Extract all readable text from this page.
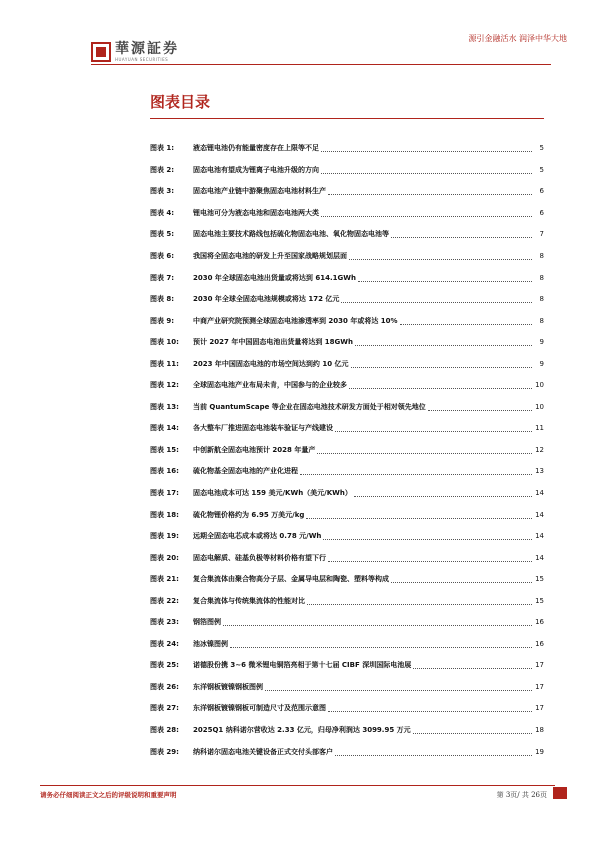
華源証券
HUAYUAN SECURITIES
源引金融活水 润泽中华大地
图表目录
图表 1:	液态锂电池仍有能量密度存在上限等不足	5
图表 2:	固态电池有望成为锂离子电池升级的方向	5
图表 3:	固态电池产业链中游聚焦固态电池材料生产	6
图表 4:	锂电池可分为液态电池和固态电池两大类	6
图表 5:	固态电池主要技术路线包括硫化物固态电池、氧化物固态电池等	7
图表 6:	我国将全固态电池的研发上升至国家战略规划层面	8
图表 7:	2030 年全球固态电池出货量或将达到 614.1GWh	8
图表 8:	2030 年全球全固态电池规模或将达 172 亿元	8
图表 9:	中商产业研究院预测全球固态电池渗透率到 2030 年或将达 10%	8
图表 10:	预计 2027 年中国固态电池出货量将达到 18GWh	9
图表 11:	2023 年中国固态电池的市场空间达到约 10 亿元	9
图表 12:	全球固态电池产业布局未肯，中国参与的企业较多	10
图表 13:	当前 QuantumScape 等企业在固态电池技术研发方面处于相对领先地位	10
图表 14:	各大整车厂推进固态电池装车验证与产线建设	11
图表 15:	中创新航全固态电池预计 2028 年量产	12
图表 16:	硫化物基全固态电池的产业化进程	13
图表 17:	固态电池成本可达 159 美元/KWh（美元/KWh）	14
图表 18:	硫化物锂价格约为 6.95 万美元/kg	14
图表 19:	远期全固态电芯成本或将达 0.78 元/Wh	14
图表 20:	固态电解质、硅基负极等材料价格有望下行	14
图表 21:	复合集流体由聚合物高分子层、金属导电层和陶瓷、塑料等构成	15
图表 22:	复合集流体与传统集流体的性能对比	15
图表 23:	钢箔图例	16
图表 24:	池冰镍图例	16
图表 25:	诺德股份携 3~6 微米锂电铜箔亮相于第十七届 CIBF 深圳国际电池展	17
图表 26:	东洋钢板镀镍钢板图例	17
图表 27:	东洋钢板镀镍钢板可制造尺寸及范围示意图	17
图表 28:	2025Q1 纳科诺尔营收达 2.33 亿元，归母净利润达 3099.95 万元	18
图表 29:	纳科诺尔固态电池关键设备正式交付头部客户	19
请务必仔细阅读正文之后的评级说明和重要声明	第 3页/ 共 26页
